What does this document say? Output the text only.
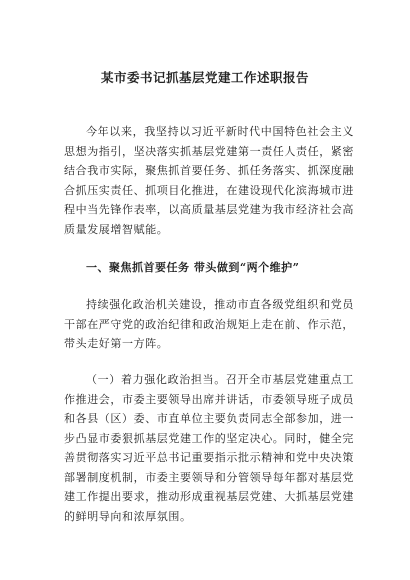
某市委书记抓基层党建工作述职报告

今年以来，我坚持以习近平新时代中国特色社会主义思想为指引，坚决落实抓基层党建第一责任人责任，紧密结合我市实际，聚焦抓首要任务、抓任务落实、抓深度融合抓压实责任、抓项目化推进，在建设现代化滨海城市进程中当先锋作表率，以高质量基层党建为我市经济社会高质量发展增智赋能。

一、聚焦抓首要任务 带头做到“两个维护”

持续强化政治机关建设，推动市直各级党组织和党员干部在严守党的政治纪律和政治规矩上走在前、作示范，带头走好第一方阵。

（一）着力强化政治担当。召开全市基层党建重点工作推进会，市委主要领导出席并讲话，市委领导班子成员和各县（区）委、市直单位主要负责同志全部参加，进一步凸显市委狠抓基层党建工作的坚定决心。同时，健全完善贯彻落实习近平总书记重要指示批示精神和党中央决策部署制度机制，市委主要领导和分管领导每年都对基层党建工作提出要求，推动形成重视基层党建、大抓基层党建的鲜明导向和浓厚氛围。
